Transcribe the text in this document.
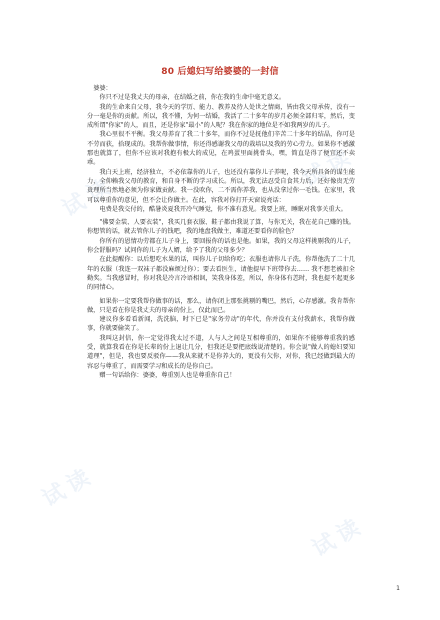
试读
试读
试读
试读
80 后媳妇写给婆婆的一封信

婆婆：

你只不过是我丈夫的母亲，在结婚之前，你在我的生命中毫无意义。

我的生命来自父母，我今天的学历、能力、教养及待人处世之情商，皆由我父母承传，没有一分一毫是你的贡献。所以，我不懂，为何一结婚，我活了二十多年的岁月必须全部归零，然后，变成所谓"你家"的人，而且，还是你家"最小"的人呢？我在你家的地位是不如我两岁的儿子。

我心里很不平衡。我父母养育了我二十多年，而你不过是抚他们辛苦二十多年的结晶，你可是不劳而获，拾现成的。我帮你做事情，你还得感谢我父母的栽培以及我的劳心劳力。如果你不感激那也就算了，但你不应该对我抱有极大的成见，在鸡蛋里面挑骨头，嘿，简直是得了便宜还不卖乖。

我白天上班，经济独立，不必依靠你的儿子，也还没有靠你儿子养呢，我今天所具备的谋生能力，全仰赖我父母的教育，和自身不断的学习成长。所以，我无法忍受自食其力后，还好像贵无劳贵理所当然地必须为你家做贡献。我一没吹你，二不需你养我，也从没拿过你一毛钱。在家里，我可以尊重你的意见，但不会让你做主。在此，容我对你打开天窗说亮话：

电费是我交付的，酷暑炎夏我开冷气睡觉，你不准有意见。我要上班，睡眠对我事关重大。

"佛要金装、人要衣装"，我买几套衣服、鞋子都由我说了算，与你无关，我在花自己赚的钱。你想管的话，就去管你儿子的钱吧，我的地盘我做主，难道还要看你的脸色？

你所有的恩情功劳都在儿子身上，要回报你的话也是他。如果，我的父母这样挑剔我的儿子，你会舒服吗？试问你的儿子为人婿，给予了我的父母多少？

在此提醒你：以后想吃水果的话，叫你儿子切给你吃；衣服也请你儿子洗，你帮他洗了二十几年的衣服（我连一双袜子都没麻烦过你）；要去看医生，请他提早下班带你去…… 我不想老被扣全勤奖。当我感冒时，你对我是冷言冷语相讽，笑我身体差，所以，你身体有恙时，我也提不起更多的同情心。

如果你一定要我帮你做事的话，那么，请你闭上那张挑剔的嘴巴，然后，心存感激。我肯帮你做，只是看在你是我丈夫的母亲的份上，仅此而已。

建议你多看看新闻，洗洗脑，时下已是"家务劳动"的年代，你并没有支付我薪水，我帮你做事，你就要偷笑了。

我叫这封信，你一定觉得我太过不道，人与人之间是互相尊重的，如果你不能够尊重我的感受，就算我看在你是长辈的份上退让几分，但我还是要把底线说清楚的。你会说"做人的媳妇要知道理"，但是，我也要反驳你——我从来就不是你养大的，更没有欠你，对你，我已经做到最大的容忍与尊重了，而需要学习和成长的是你自己。

赠一句话给你：婆婆，尊重别人也是尊重你自己！

1
